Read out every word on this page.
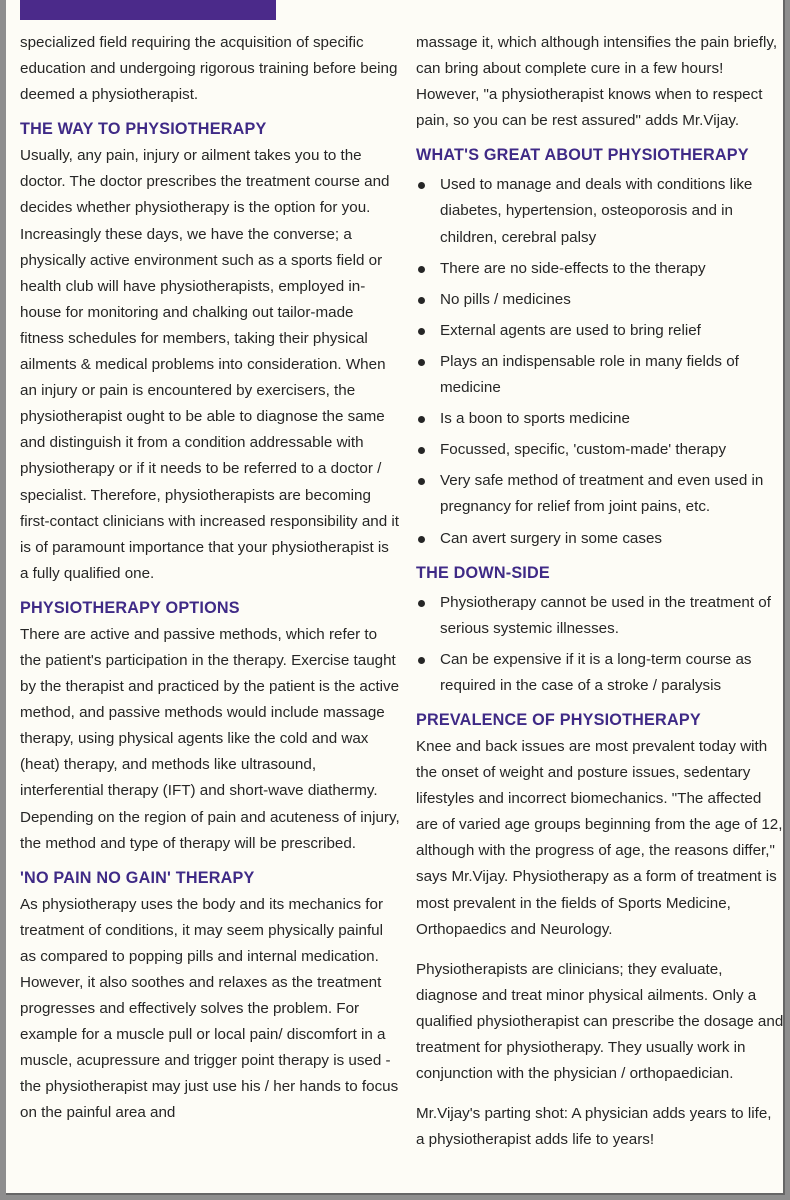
specialized field requiring the acquisition of specific education and undergoing rigorous training before being deemed a physiotherapist.

THE WAY TO PHYSIOTHERAPY

Usually, any pain, injury or ailment takes you to the doctor. The doctor prescribes the treatment course and decides whether physiotherapy is the option for you. Increasingly these days, we have the converse; a physically active environment such as a sports field or health club will have physiotherapists, employed in-house for monitoring and chalking out tailor-made fitness schedules for members, taking their physical ailments & medical problems into consideration. When an injury or pain is encountered by exercisers, the physiotherapist ought to be able to diagnose the same and distinguish it from a condition addressable with physiotherapy or if it needs to be referred to a doctor / specialist. Therefore, physiotherapists are becoming first-contact clinicians with increased responsibility and it is of paramount importance that your physiotherapist is a fully qualified one.

PHYSIOTHERAPY OPTIONS

There are active and passive methods, which refer to the patient's participation in the therapy. Exercise taught by the therapist and practiced by the patient is the active method, and passive methods would include massage therapy, using physical agents like the cold and wax (heat) therapy, and methods like ultrasound, interferential therapy (IFT) and short-wave diathermy. Depending on the region of pain and acuteness of injury, the method and type of therapy will be prescribed.

'NO PAIN NO GAIN' THERAPY

As physiotherapy uses the body and its mechanics for treatment of conditions, it may seem physically painful as compared to popping pills and internal medication. However, it also soothes and relaxes as the treatment progresses and effectively solves the problem. For example for a muscle pull or local pain/ discomfort in a muscle, acupressure and trigger point therapy is used - the physiotherapist may just use his / her hands to focus on the painful area and

massage it, which although intensifies the pain briefly, can bring about complete cure in a few hours! However, "a physiotherapist knows when to respect pain, so you can be rest assured" adds Mr.Vijay.

WHAT'S GREAT ABOUT PHYSIOTHERAPY
Used to manage and deals with conditions like diabetes, hypertension, osteoporosis and in children, cerebral palsy
There are no side-effects to the therapy
No pills / medicines
External agents are used to bring relief
Plays an indispensable role in many fields of medicine
Is a boon to sports medicine
Focussed, specific, 'custom-made' therapy
Very safe method of treatment and even used in pregnancy for relief from joint pains, etc.
Can avert surgery in some cases
THE DOWN-SIDE
Physiotherapy cannot be used in the treatment of serious systemic illnesses.
Can be expensive if it is a long-term course as required in the case of a stroke / paralysis
PREVALENCE OF PHYSIOTHERAPY

Knee and back issues are most prevalent today with the onset of weight and posture issues, sedentary lifestyles and incorrect biomechanics. "The affected are of varied age groups beginning from the age of 12, although with the progress of age, the reasons differ," says Mr.Vijay. Physiotherapy as a form of treatment is most prevalent in the fields of Sports Medicine, Orthopaedics and Neurology.

Physiotherapists are clinicians; they evaluate, diagnose and treat minor physical ailments. Only a qualified physiotherapist can prescribe the dosage and treatment for physiotherapy. They usually work in conjunction with the physician / orthopaedician.

Mr.Vijay's parting shot: A physician adds years to life, a physiotherapist adds life to years!
